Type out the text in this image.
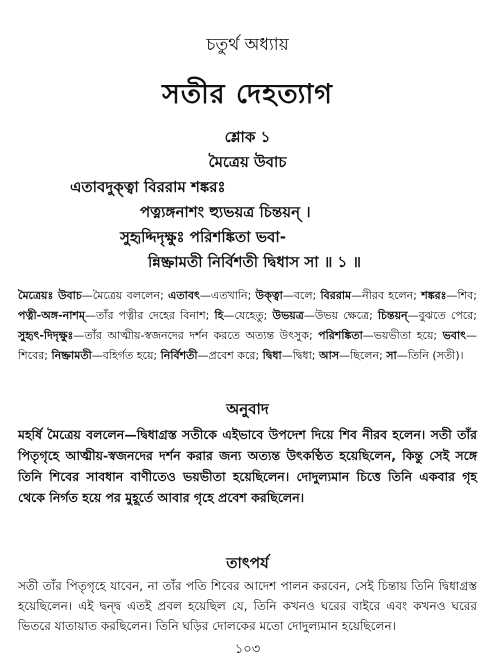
চতুর্থ অধ্যায়
সতীর দেহত্যাগ
শ্লোক ১
মৈত্রেয় উবাচ
এতাবদুক্ত্বা বিররাম শঙ্করঃ
পত্ন্যঙ্গনাশং হ্যুভয়ত্র চিন্তয়ন্ ।
সুহৃদ্দিদৃক্ষুঃ পরিশঙ্কিতা ভবা-
ন্নিষ্ক্রামতী নির্বিশতী দ্বিধাস সা ॥ ১ ॥
মৈত্রেয়ঃ উবাচ—মৈত্রেয় বললেন; এতাবৎ—এতখানি; উক্ত্বা—বলে; বিররাম—নীরব হলেন; শঙ্করঃ—শিব; পত্নী-অঙ্গ-নাশম্—তাঁর পত্নীর দেহের বিনাশ; হি—যেহেতু; উভয়ত্র—উভয় ক্ষেত্রে; চিন্তয়ন্—বুঝতে পেরে; সুহৃৎ-দিদৃক্ষুঃ—তাঁর আত্মীয়-স্বজনদের দর্শন করতে অত্যন্ত উৎসুক; পরিশঙ্কিতা—ভয়ভীতা হয়ে; ভবাৎ—শিবের; নিষ্ক্রামতী—বহির্গত হয়ে; নির্বিশতী—প্রবেশ করে; দ্বিধা—দ্বিধা; আস—ছিলেন; সা—তিনি (সতী)।
অনুবাদ
মহর্ষি মৈত্রেয় বললেন—দ্বিধাগ্রস্ত সতীকে এইভাবে উপদেশ দিয়ে শিব নীরব হলেন। সতী তাঁর পিতৃগৃহে আত্মীয়-স্বজনদের দর্শন করার জন্য অত্যন্ত উৎকণ্ঠিত হয়েছিলেন, কিন্তু সেই সঙ্গে তিনি শিবের সাবধান বাণীতেও ভয়ভীতা হয়েছিলেন। দোদুল্যমান চিত্তে তিনি একবার গৃহ থেকে নির্গত হয়ে পর মুহূর্তে আবার গৃহে প্রবেশ করছিলেন।
তাৎপর্য
সতী তাঁর পিতৃগৃহে যাবেন, না তাঁর পতি শিবের আদেশ পালন করবেন, সেই চিন্তায় তিনি দ্বিধাগ্রস্ত হয়েছিলেন। এই দ্বন্দ্ব এতই প্রবল হয়েছিল যে, তিনি কখনও ঘরের বাইরে এবং কখনও ঘরের ভিতরে যাতায়াত করছিলেন। তিনি ঘড়ির দোলকের মতো দোদুল্যমান হয়েছিলেন।
১০৩
